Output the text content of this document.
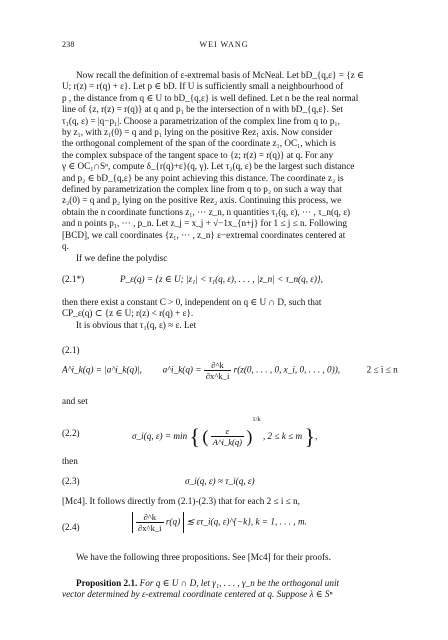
238	WEI WANG
Now recall the definition of ε-extremal basis of McNeal. Let bD_{q,ε} = {z ∈
U; r(z) = r(q) + ε}. Let p ∈ bD. If U is sufficiently small a neighbourhood of
p , the distance from q ∈ U to bD_{q,ε} is well defined. Let n be the real normal
line of {z, r(z) = r(q)} at q and p₁ be the intersection of n with bD_{q,ε}. Set
τ₁(q, ε) = |q−p₁|. Choose a parametrization of the complex line from q to p₁,
by z₁, with z₁(0) = q and p₁ lying on the positive Rez₁ axis. Now consider
the orthogonal complement of the span of the coordinate z₁, OC₁, which is
the complex subspace of the tangent space to {z; r(z) = r(q)} at q. For any
γ ∈ OC₁∩Sⁿ, compute δ_{r(q)+ε}(q, γ). Let τ₂(q, ε) be the largest such distance
and p₂ ∈ bD_{q,ε} be any point achieving this distance. The coordinate z₂ is
defined by parametrization the complex line from q to p₂ on such a way that
z₂(0) = q and p₂ lying on the positive Rez₂ axis. Continuing this process, we
obtain the n coordinate functions z₁, ··· z_n, n quantities τ₁(q, ε), ··· , τ_n(q, ε)
and n points p₁, ··· , p_n. Let z_j = x_j + √−1x_{n+j} for 1 ≤ j ≤ n. Following
[BCD], we call coordinates {z₁, ··· , z_n} ε−extremal coordinates centered at
q.
If we define the polydisc
(2.1*)	P_ε(q) = {z ∈ U; |z₁| < τ₁(q, ε), . . . , |z_n| < τ_n(q, ε)},
then there exist a constant C > 0, independent on q ∈ U ∩ D, such that
CP_ε(q) ⊂ {z ∈ U; r(z) < r(q) + ε}.
It is obvious that τ₁(q, ε) ≈ ε. Let
(2.1)
A^i_k(q) = |a^i_k(q)|, a^i_k(q) = $\frac{\partial\^{}k}{\partial x\^{}k\_i} r(z(0$, . . . , 0, x_i, 0, . . . , 0)),	2 ≤ i ≤ n
and set
(2.2)	σ_i(q, ε) = min { ( $\frac{\varepsilon}{A\^{}i\_k(q)} )^{1/k}$ , 2 ≤ k ≤ m },
then
(2.3)	σ_i(q, ε) ≈ τ_i(q, ε)
[Mc4]. It follows directly from (2.1)-(2.3) that for each 2 ≤ i ≤ n,
(2.4)	$\frac{\partial\^{}k}{\partial x\^{}k\_i} r(q)$ ≲ ετ_i(q, ε)^{−k}, k = 1, . . . , m.
We have the following three propositions. See [Mc4] for their proofs.
Proposition 2.1. For q ∈ U ∩ D, let γ₁, . . . , γ_n be the orthogonal unit
vector determined by ε-extremal coordinate centered at q. Suppose λ ∈ Sⁿ
